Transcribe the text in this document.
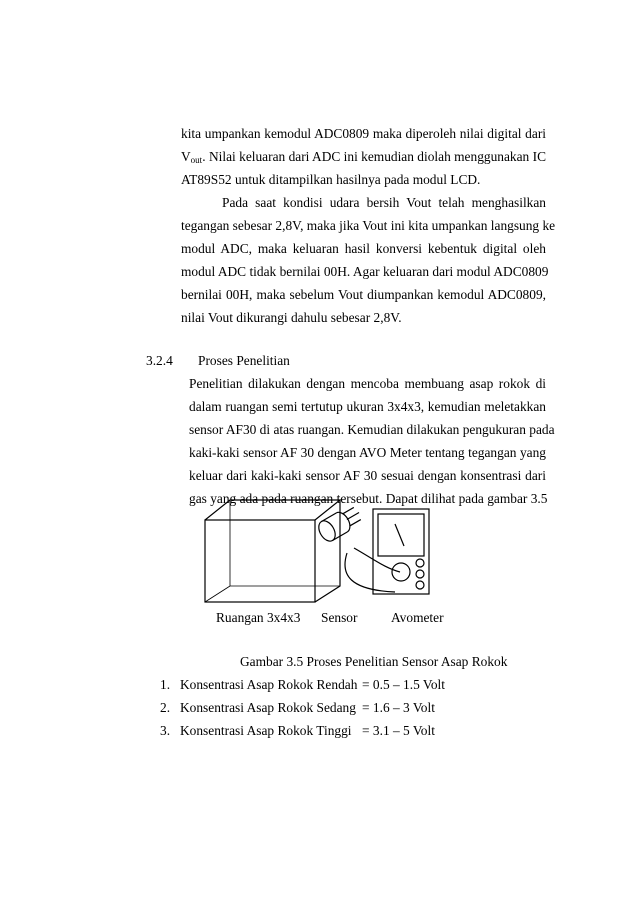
kita umpankan kemodul ADC0809 maka diperoleh nilai digital dari
$V_{out}$. Nilai keluaran dari ADC ini kemudian diolah menggunakan IC
AT89S52 untuk ditampilkan hasilnya pada modul LCD.
Pada saat kondisi udara bersih Vout telah menghasilkan
tegangan sebesar 2,8V, maka jika Vout ini kita umpankan langsung ke
modul ADC, maka keluaran hasil konversi kebentuk digital oleh
modul ADC tidak bernilai 00H. Agar keluaran dari modul ADC0809
bernilai 00H, maka sebelum Vout diumpankan kemodul ADC0809,
nilai Vout dikurangi dahulu sebesar 2,8V.
3.2.4 Proses Penelitian
Penelitian dilakukan dengan mencoba membuang asap rokok di
dalam ruangan semi tertutup ukuran 3x4x3, kemudian meletakkan
sensor AF30 di atas ruangan. Kemudian dilakukan pengukuran pada
kaki-kaki sensor AF 30 dengan AVO Meter tentang tegangan yang
keluar dari kaki-kaki sensor AF 30 sesuai dengan konsentrasi dari
gas yang ada pada ruangan tersebut. Dapat dilihat pada gambar 3.5
Ruangan 3x4x3 Sensor	Avometer
Gambar 3.5 Proses Penelitian Sensor Asap Rokok
1. Konsentrasi Asap Rokok Rendah = 0.5 – 1.5 Volt
2. Konsentrasi Asap Rokok Sedang = 1.6 – 3 Volt
3. Konsentrasi Asap Rokok Tinggi = 3.1 – 5 Volt
